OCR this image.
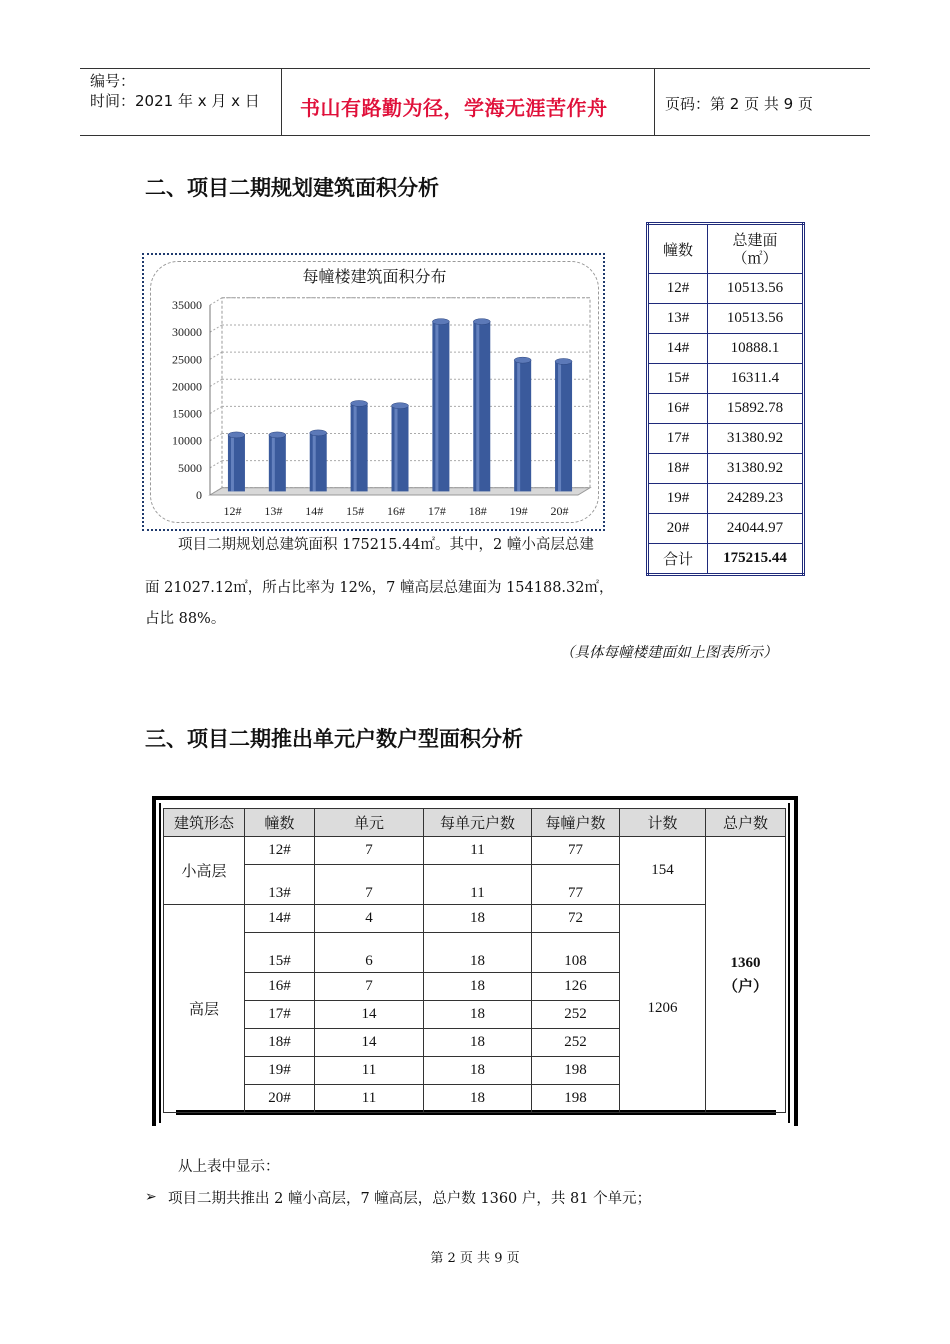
编号：
时间：2021 年 x 月 x 日 书山有路勤为径，学海无涯苦作舟	页码：第 2 页 共 9 页
二、项目二期规划建筑面积分析
每幢楼建筑面积分布
35000
30000
25000
20000
15000
10000
5000
0
12# 13# 14# 15# 16# 17# 18# 19# 20#
幢数	总建面
（㎡）

12#	10513.56
13#	10513.56
14#	10888.1
15#	16311.4
16#	15892.78
17#	31380.92
18#	31380.92
19#	24289.23
20#	24044.97
合计	175215.44
项目二期规划总建筑面积 175215.44㎡。其中，2 幢小高层总建
面 21027.12㎡，所占比率为 12%，7 幢高层总建面为 154188.32㎡，
占比 88%。
（具体每幢楼建面如上图表所示）
三、项目二期推出单元户数户型面积分析
建筑形态	幢数	单元	每单元户数	每幢户数	计数	总户数
小高层	12#	7	11	77	154	1360
（户）

	13#	7	11	77		
高层	14#	4	18	72	1206	
	15#	6	18	108		
	16#	7	18	126		
	17#	14	18	252		
	18#	14	18	252		
	19#	11	18	198		
	20#	11	18	198		
从上表中显示：
➢ 项目二期共推出 2 幢小高层，7 幢高层，总户数 1360 户，共 81 个单元；
第 2 页 共 9 页
